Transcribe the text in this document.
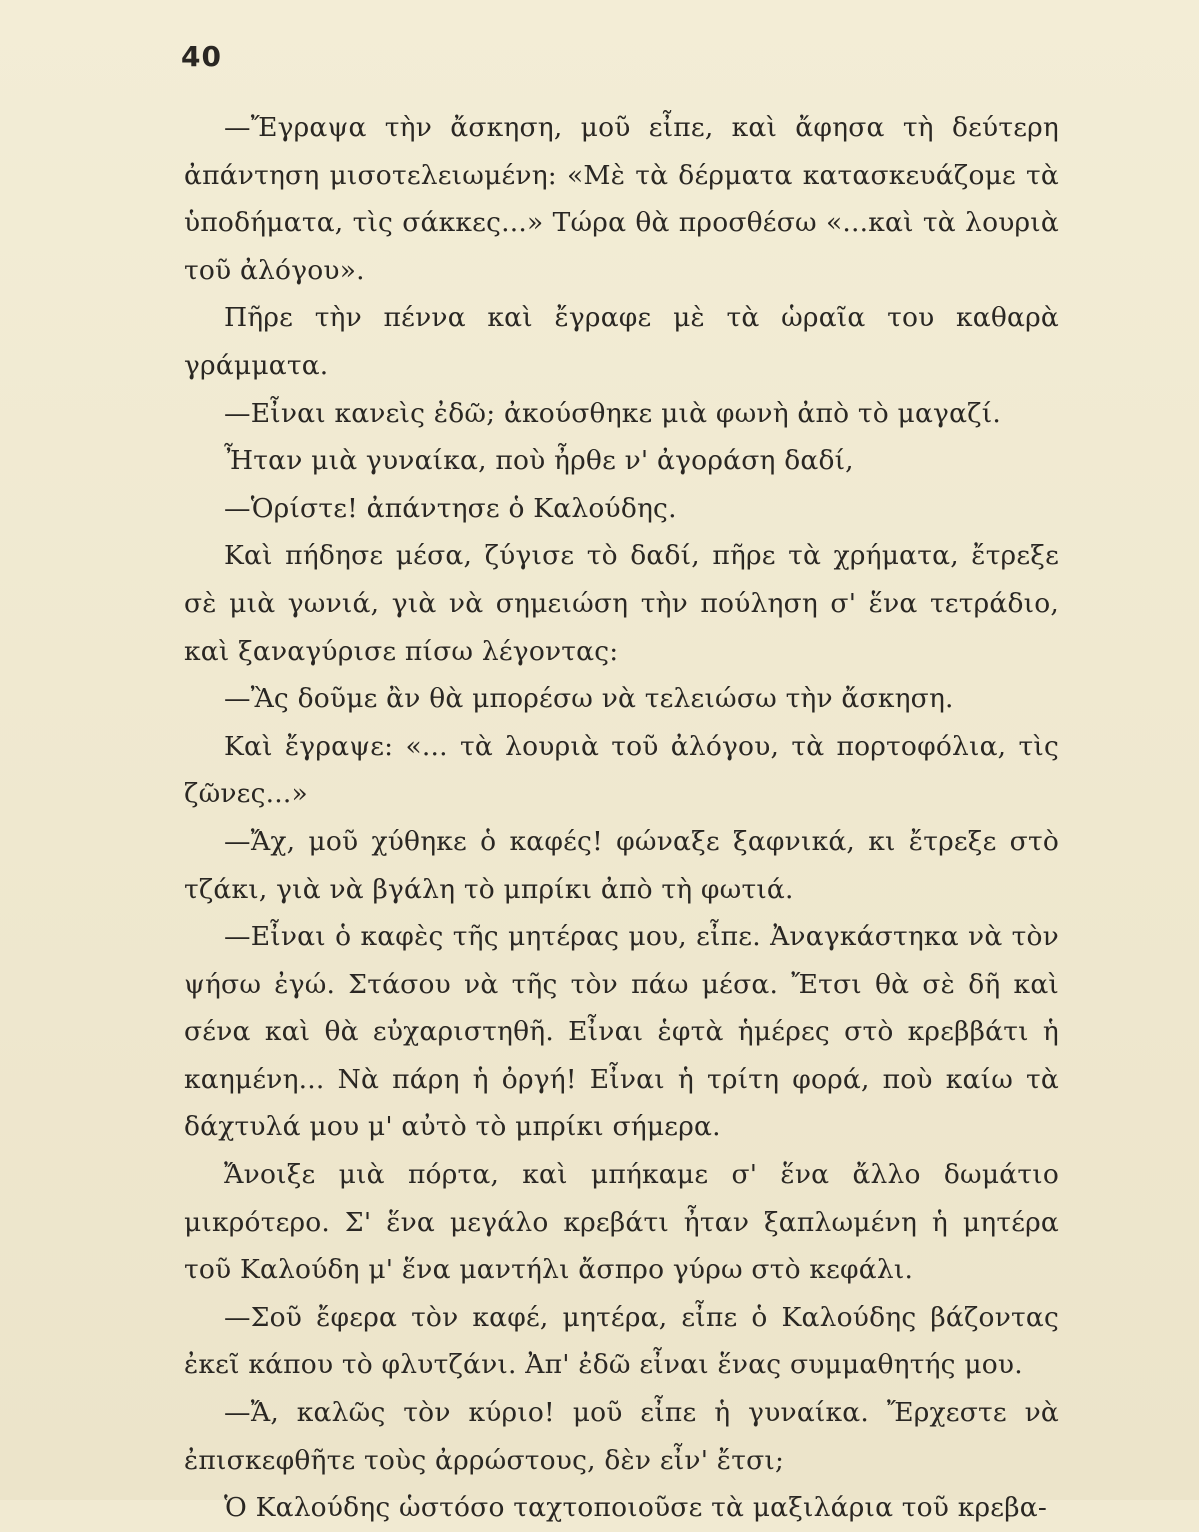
40

—Ἔγραψα τὴν ἄσκηση, μοῦ εἶπε, καὶ ἄφησα τὴ δεύτερη ἀπάντηση μισοτελειωμένη: «Μὲ τὰ δέρματα κατασκευάζομε τὰ ὑποδήματα, τὶς σάκκες...» Τώρα θὰ προσθέσω «...καὶ τὰ λουριὰ τοῦ ἀλόγου».

Πῆρε τὴν πέννα καὶ ἔγραφε μὲ τὰ ὡραῖα του καθαρὰ γράμματα.

—Εἶναι κανεὶς ἐδῶ; ἀκούσθηκε μιὰ φωνὴ ἀπὸ τὸ μαγαζί.

Ἦταν μιὰ γυναίκα, ποὺ ἦρθε ν' ἀγοράση δαδί,

—Ὁρίστε! ἀπάντησε ὁ Καλούδης.

Καὶ πήδησε μέσα, ζύγισε τὸ δαδί, πῆρε τὰ χρήματα, ἔτρεξε σὲ μιὰ γωνιά, γιὰ νὰ σημειώση τὴν πούληση σ' ἕνα τετράδιο, καὶ ξαναγύρισε πίσω λέγοντας:

—Ἂς δοῦμε ἂν θὰ μπορέσω νὰ τελειώσω τὴν ἄσκηση.

Καὶ ἔγραψε: «... τὰ λουριὰ τοῦ ἀλόγου, τὰ πορτοφόλια, τὶς ζῶνες...»

—Ἄχ, μοῦ χύθηκε ὁ καφές! φώναξε ξαφνικά, κι ἔτρεξε στὸ τζάκι, γιὰ νὰ βγάλη τὸ μπρίκι ἀπὸ τὴ φωτιά.

—Εἶναι ὁ καφὲς τῆς μητέρας μου, εἶπε. Ἀναγκάστηκα νὰ τὸν ψήσω ἐγώ. Στάσου νὰ τῆς τὸν πάω μέσα. Ἔτσι θὰ σὲ δῆ καὶ σένα καὶ θὰ εὐχαριστηθῆ. Εἶναι ἑφτὰ ἡμέρες στὸ κρεββάτι ἡ καημένη... Νὰ πάρη ἡ ὀργή! Εἶναι ἡ τρίτη φορά, ποὺ καίω τὰ δάχτυλά μου μ' αὐτὸ τὸ μπρίκι σήμερα.

Ἄνοιξε μιὰ πόρτα, καὶ μπήκαμε σ' ἕνα ἄλλο δωμάτιο μικρότερο. Σ' ἕνα μεγάλο κρεβάτι ἦταν ξαπλωμένη ἡ μητέρα τοῦ Καλούδη μ' ἕνα μαντήλι ἄσπρο γύρω στὸ κεφάλι.

—Σοῦ ἔφερα τὸν καφέ, μητέρα, εἶπε ὁ Καλούδης βάζοντας ἐκεῖ κάπου τὸ φλυτζάνι. Ἀπ' ἐδῶ εἶναι ἕνας συμμαθητής μου.

—Ἄ, καλῶς τὸν κύριο! μοῦ εἶπε ἡ γυναίκα. Ἔρχεστε νὰ ἐπισκεφθῆτε τοὺς ἀρρώστους, δὲν εἶν' ἔτσι;

Ὁ Καλούδης ὡστόσο ταχτοποιοῦσε τὰ μαξιλάρια τοῦ κρεβα-
